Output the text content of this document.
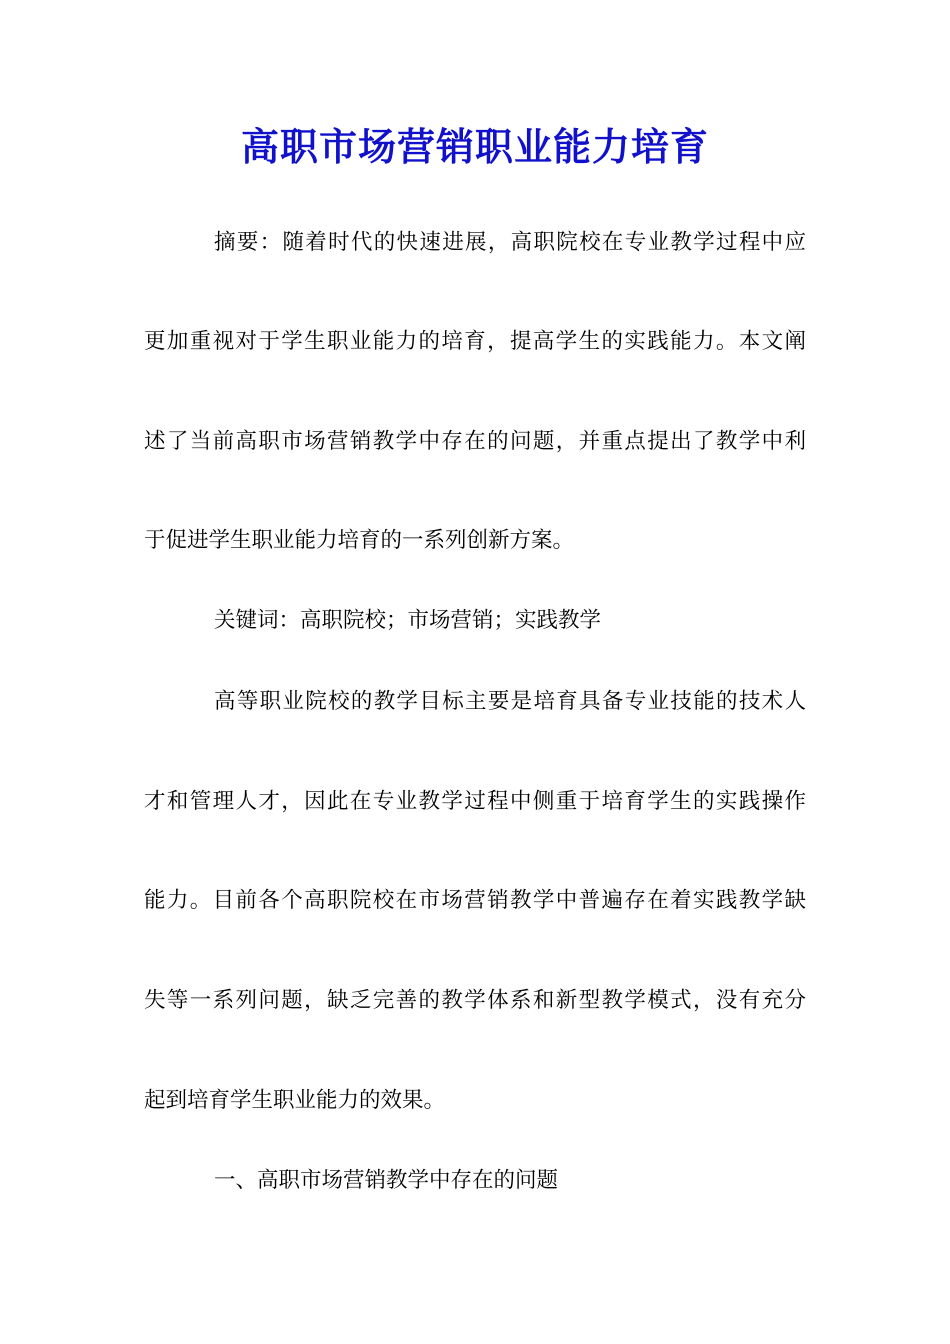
高职市场营销职业能力培育
摘要：随着时代的快速进展，高职院校在专业教学过程中应
更加重视对于学生职业能力的培育，提高学生的实践能力。本文阐
述了当前高职市场营销教学中存在的问题，并重点提出了教学中利
于促进学生职业能力培育的一系列创新方案。
关键词：高职院校；市场营销；实践教学
高等职业院校的教学目标主要是培育具备专业技能的技术人
才和管理人才，因此在专业教学过程中侧重于培育学生的实践操作
能力。目前各个高职院校在市场营销教学中普遍存在着实践教学缺
失等一系列问题，缺乏完善的教学体系和新型教学模式，没有充分
起到培育学生职业能力的效果。
一、高职市场营销教学中存在的问题
